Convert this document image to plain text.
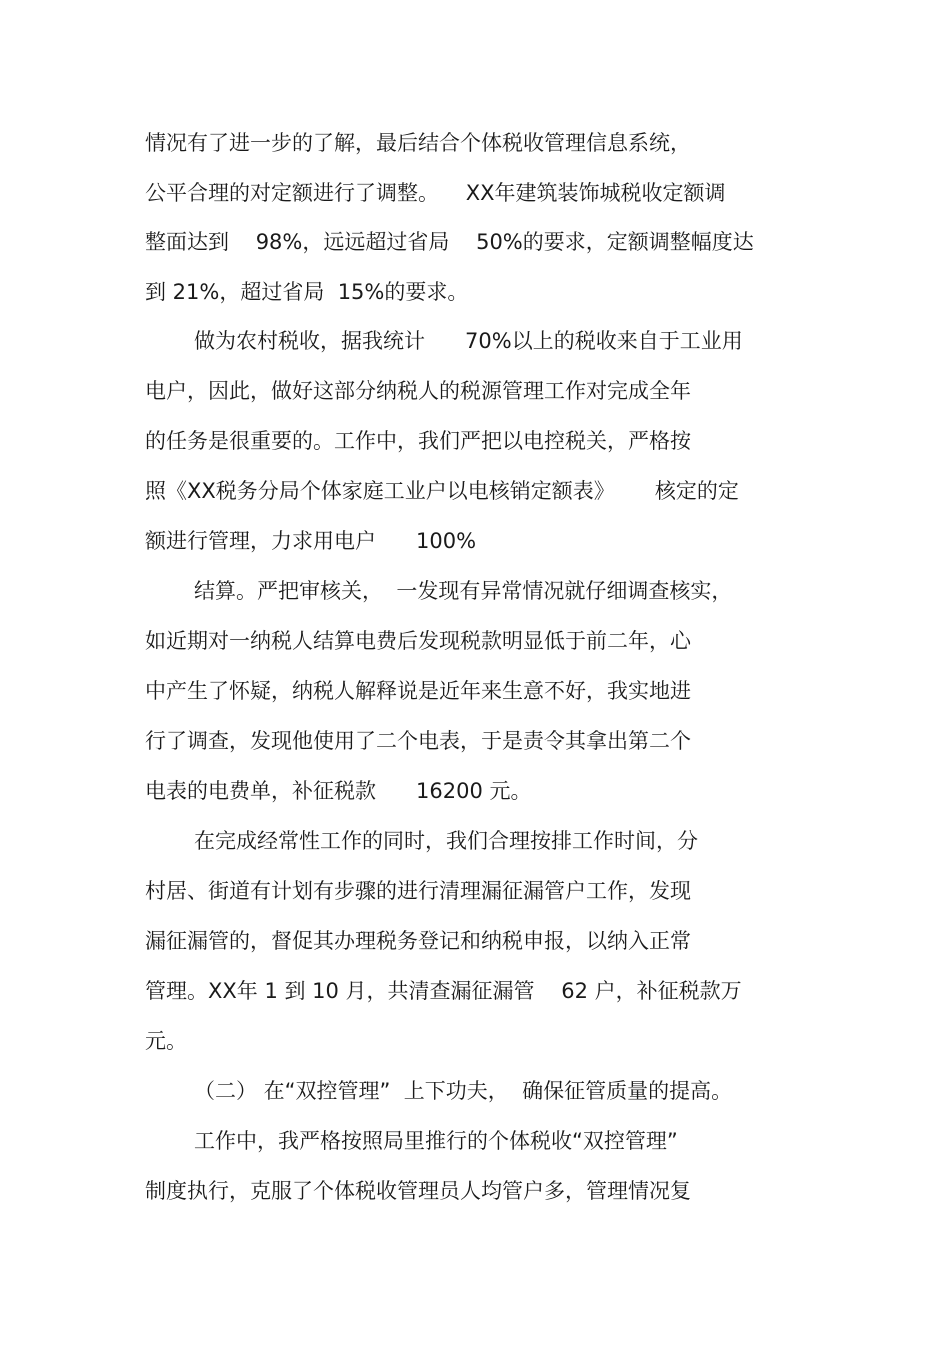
情况有了进一步的了解，最后结合个体税收管理信息系统，
公平合理的对定额进行了调整。    XX年建筑装饰城税收定额调
整面达到    98%，远远超过省局    50%的要求，定额调整幅度达
到 21%，超过省局  15%的要求。
做为农村税收，据我统计      70%以上的税收来自于工业用
电户，因此，做好这部分纳税人的税源管理工作对完成全年
的任务是很重要的。工作中，我们严把以电控税关，严格按
照《XX税务分局个体家庭工业户以电核销定额表》      核定的定
额进行管理，力求用电户      100%
结算。严把审核关，  一发现有异常情况就仔细调查核实，
如近期对一纳税人结算电费后发现税款明显低于前二年，心
中产生了怀疑，纳税人解释说是近年来生意不好，我实地进
行了调查，发现他使用了二个电表，于是责令其拿出第二个
电表的电费单，补征税款      16200 元。
在完成经常性工作的同时，我们合理按排工作时间，分
村居、街道有计划有步骤的进行清理漏征漏管户工作，发现
漏征漏管的，督促其办理税务登记和纳税申报，以纳入正常
管理。XX年 1 到 10 月，共清查漏征漏管    62 户，补征税款万
元。
（二） 在“双控管理”  上下功夫，  确保征管质量的提高。
工作中，我严格按照局里推行的个体税收“双控管理”
制度执行，克服了个体税收管理员人均管户多，管理情况复
